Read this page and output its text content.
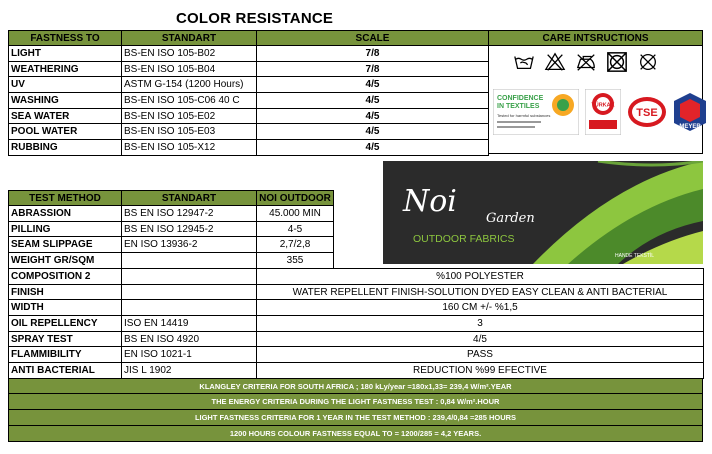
COLOR RESISTANCE
FASTNESS TO	STANDART	SCALE
LIGHT	BS-EN ISO 105-B02	7/8
WEATHERING	BS-EN ISO 105-B04	7/8
UV	ASTM G-154 (1200 Hours)	4/5
WASHING	BS-EN ISO 105-C06 40 C	4/5
SEA WATER	BS-EN ISO 105-E02	4/5
POOL WATER	BS-EN ISO 105-E03	4/5
RUBBING	BS-EN ISO 105-X12	4/5
CARE INTSRUCTIONS
CONFIDENCE
IN TEXTILES
Tested for harmful substances
TÜRKAK
TSE
MEYER
Noi Garden
OUTDOOR FABRICS
HANDE TEKSTİL
TEST METHOD	STANDART	NOI OUTDOOR
ABRASSION	BS EN ISO 12947-2	45.000 MIN
PILLING	BS EN ISO 12945-2	4-5
SEAM SLIPPAGE	EN ISO 13936-2	2,7/2,8
WEIGHT GR/SQM		355
COMPOSITION 2		%100 POLYESTER
FINISH		WATER REPELLENT FINISH-SOLUTION DYED EASY CLEAN & ANTI BACTERIAL
WIDTH		160 CM +/- %1,5
OIL REPELLENCY	ISO EN 14419	3
SPRAY TEST	BS EN ISO 4920	4/5
FLAMMIBILITY	EN ISO 1021-1	PASS
ANTI BACTERIAL	JIS L 1902	REDUCTION %99 EFECTIVE
KLANGLEY CRITERIA FOR SOUTH AFRICA ; 180 kLy/year =180x1,33= 239,4 W/m².YEAR
THE ENERGY CRITERIA DURING THE LIGHT FASTNESS TEST : 0,84 W/m².HOUR
LIGHT FASTNESS CRITERIA FOR 1 YEAR IN THE TEST METHOD : 239,4/0,84 =285 HOURS
1200 HOURS COLOUR FASTNESS EQUAL TO = 1200/285 = 4,2 YEARS.
